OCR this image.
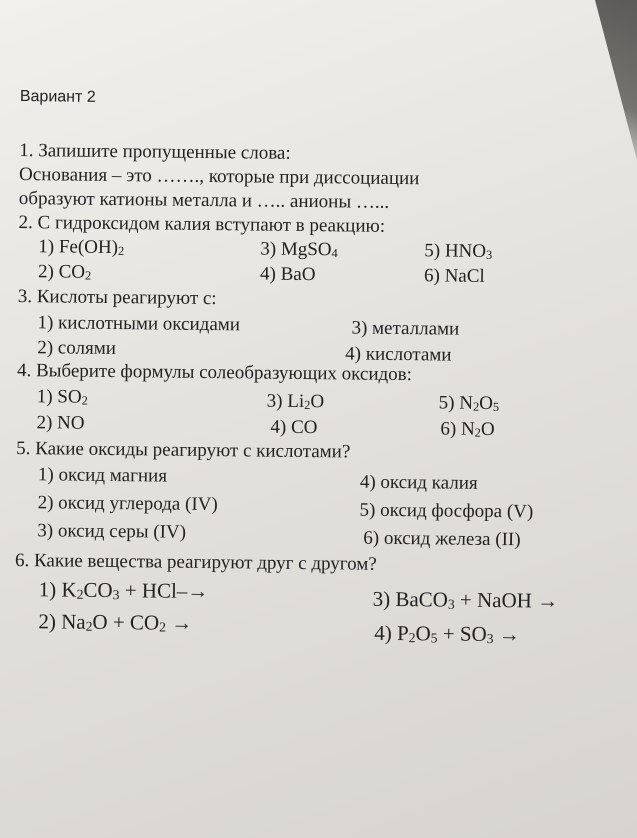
Вариант 2
1. Запишите пропущенные слова:

Основания – это ……., которые при диссоциации

образуют катионы металла и ….. анионы …...

2. С гидроксидом калия вступают в реакцию:
1) $Fe(OH)_2$	3) MgSO$_4$	5) $HNO_3$
2) $CO_2$	4) BaO	6) NaCl
3. Кислоты реагируют с:
1) кислотными оксидами	3) металлами
2) солями	4) кислотами
4. Выберите формулы солеобразующих оксидов:
1) $SO_2$	3) $Li_2O$	5) $N_2O_5$
2) NO	4) CO	6) $N_2O$
5. Какие оксиды реагируют с кислотами?
1) оксид магния	4) оксид калия
2) оксид углерода (IV)	5) оксид фосфора (V)
3) оксид серы (IV)	6) оксид железа (II)
6. Какие вещества реагируют друг с другом?
1) $K_2CO_3 + HCl-\to$	3) BaCO$_3$ + NaOH →
2) $Na_2O + CO_2$ →	4) $P_2O_5 + SO_3$ →
